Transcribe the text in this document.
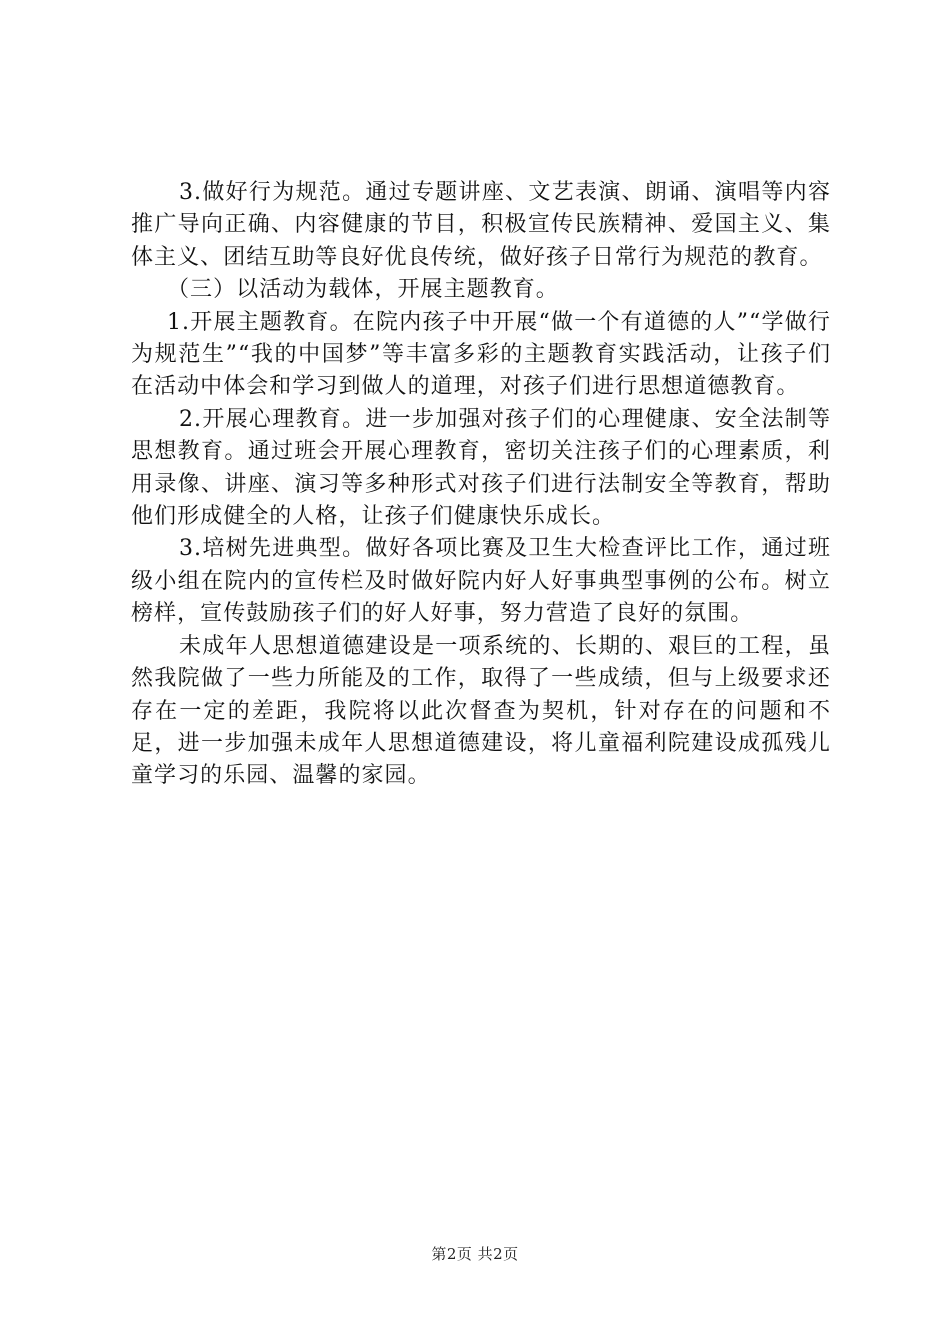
3.做好行为规范。通过专题讲座、文艺表演、朗诵、演唱等内容推广导向正确、内容健康的节目，积极宣传民族精神、爱国主义、集体主义、团结互助等良好优良传统，做好孩子日常行为规范的教育。

（三）以活动为载体，开展主题教育。

1.开展主题教育。在院内孩子中开展“做一个有道德的人”“学做行为规范生”“我的中国梦”等丰富多彩的主题教育实践活动，让孩子们在活动中体会和学习到做人的道理，对孩子们进行思想道德教育。

2.开展心理教育。进一步加强对孩子们的心理健康、安全法制等思想教育。通过班会开展心理教育，密切关注孩子们的心理素质，利用录像、讲座、演习等多种形式对孩子们进行法制安全等教育，帮助他们形成健全的人格，让孩子们健康快乐成长。

3.培树先进典型。做好各项比赛及卫生大检查评比工作，通过班级小组在院内的宣传栏及时做好院内好人好事典型事例的公布。树立榜样，宣传鼓励孩子们的好人好事，努力营造了良好的氛围。

未成年人思想道德建设是一项系统的、长期的、艰巨的工程，虽然我院做了一些力所能及的工作，取得了一些成绩，但与上级要求还存在一定的差距，我院将以此次督查为契机，针对存在的问题和不足，进一步加强未成年人思想道德建设，将儿童福利院建设成孤残儿童学习的乐园、温馨的家园。

第2页 共2页
